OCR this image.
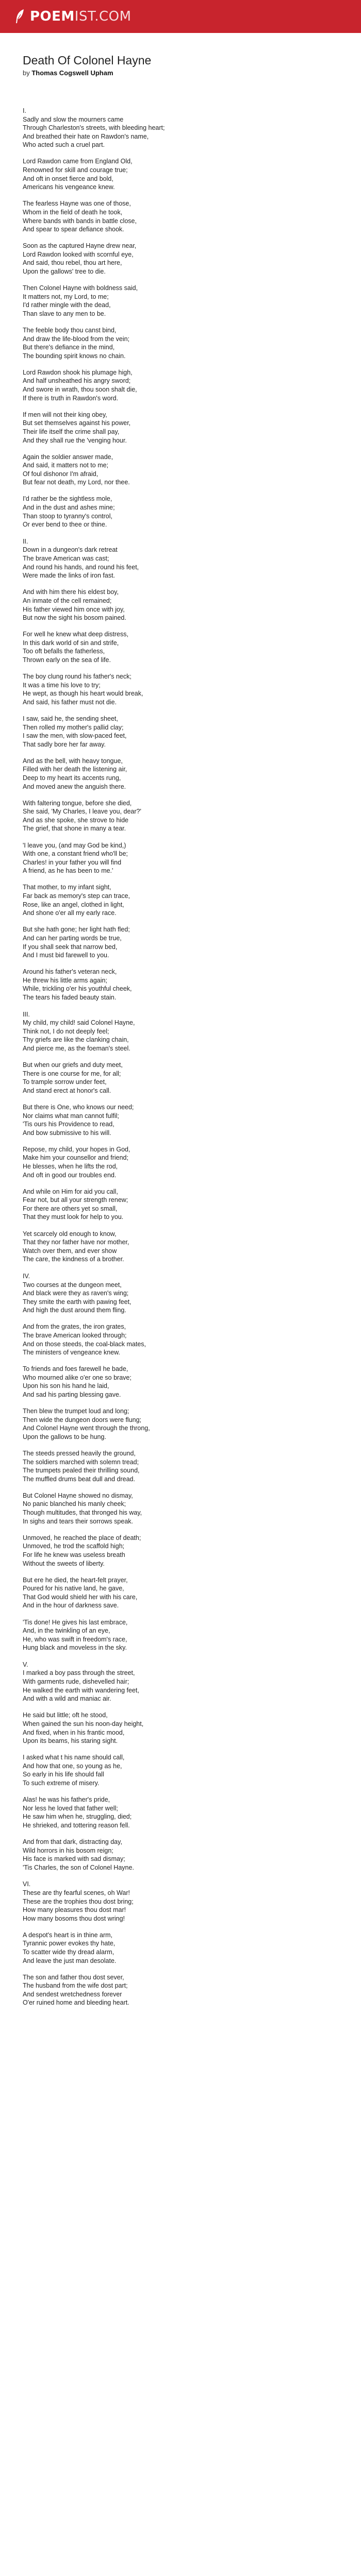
POEMIST.COM
Death Of Colonel Hayne
by Thomas Cogswell Upham
I.
Sadly and slow the mourners came
Through Charleston's streets, with bleeding heart;
And breathed their hate on Rawdon's name,
Who acted such a cruel part.
Lord Rawdon came from England Old,
Renowned for skill and courage true;
And oft in onset fierce and bold,
Americans his vengeance knew.
The fearless Hayne was one of those,
Whom in the field of death he took,
Where bands with bands in battle close,
And spear to spear defiance shook.
Soon as the captured Hayne drew near,
Lord Rawdon looked with scornful eye,
And said, thou rebel, thou art here,
Upon the gallows' tree to die.
Then Colonel Hayne with boldness said,
It matters not, my Lord, to me;
I'd rather mingle with the dead,
Than slave to any men to be.
The feeble body thou canst bind,
And draw the life-blood from the vein;
But there's defiance in the mind,
The bounding spirit knows no chain.
Lord Rawdon shook his plumage high,
And half unsheathed his angry sword;
And swore in wrath, thou soon shalt die,
If there is truth in Rawdon's word.
If men will not their king obey,
But set themselves against his power,
Their life itself the crime shall pay,
And they shall rue the 'venging hour.
Again the soldier answer made,
And said, it matters not to me;
Of foul dishonor I'm afraid,
But fear not death, my Lord, nor thee.
I'd rather be the sightless mole,
And in the dust and ashes mine;
Than stoop to tyranny's control,
Or ever bend to thee or thine.
II.
Down in a dungeon's dark retreat
The brave American was cast;
And round his hands, and round his feet,
Were made the links of iron fast.
And with him there his eldest boy,
An inmate of the cell remained;
His father viewed him once with joy,
But now the sight his bosom pained.
For well he knew what deep distress,
In this dark world of sin and strife,
Too oft befalls the fatherless,
Thrown early on the sea of life.
The boy clung round his father's neck;
It was a time his love to try;
He wept, as though his heart would break,
And said, his father must not die.
I saw, said he, the sending sheet,
Then rolled my mother's pallid clay;
I saw the men, with slow-paced feet,
That sadly bore her far away.
And as the bell, with heavy tongue,
Filled with her death the listening air,
Deep to my heart its accents rung,
And moved anew the anguish there.
With faltering tongue, before she died,
She said, 'My Charles, I leave you, dear?'
And as she spoke, she strove to hide
The grief, that shone in many a tear.
'I leave you, (and may God be kind,)
With one, a constant friend who'll be;
Charles! in your father you will find
A friend, as he has been to me.'
That mother, to my infant sight,
Far back as memory's step can trace,
Rose, like an angel, clothed in light,
And shone o'er all my early race.
But she hath gone; her light hath fled;
And can her parting words be true,
If you shall seek that narrow bed,
And I must bid farewell to you.
Around his father's veteran neck,
He threw his little arms again;
While, trickling o'er his youthful cheek,
The tears his faded beauty stain.
III.
My child, my child! said Colonel Hayne,
Think not, I do not deeply feel;
Thy griefs are like the clanking chain,
And pierce me, as the foeman's steel.
But when our griefs and duty meet,
There is one course for me, for all;
To trample sorrow under feet,
And stand erect at honor's call.
But there is One, who knows our need;
Nor claims what man cannot fulfil;
'Tis ours his Providence to read,
And bow submissive to his will.
Repose, my child, your hopes in God,
Make him your counsellor and friend;
He blesses, when he lifts the rod,
And oft in good our troubles end.
And while on Him for aid you call,
Fear not, but all your strength renew;
For there are others yet so small,
That they must look for help to you.
Yet scarcely old enough to know,
That they nor father have nor mother,
Watch over them, and ever show
The care, the kindness of a brother.
IV.
Two courses at the dungeon meet,
And black were they as raven's wing;
They smite the earth with pawing feet,
And high the dust around them fling.
And from the grates, the iron grates,
The brave American looked through;
And on those steeds, the coal-black mates,
The ministers of vengeance knew.
To friends and foes farewell he bade,
Who mourned alike o'er one so brave;
Upon his son his hand he laid,
And sad his parting blessing gave.
Then blew the trumpet loud and long;
Then wide the dungeon doors were flung;
And Colonel Hayne went through the throng,
Upon the gallows to be hung.
The steeds pressed heavily the ground,
The soldiers marched with solemn tread;
The trumpets pealed their thrilling sound,
The muffled drums beat dull and dread.
But Colonel Hayne showed no dismay,
No panic blanched his manly cheek;
Though multitudes, that thronged his way,
In sighs and tears their sorrows speak.
Unmoved, he reached the place of death;
Unmoved, he trod the scaffold high;
For life he knew was useless breath
Without the sweets of liberty.
But ere he died, the heart-felt prayer,
Poured for his native land, he gave,
That God would shield her with his care,
And in the hour of darkness save.
'Tis done! He gives his last embrace,
And, in the twinkling of an eye,
He, who was swift in freedom's race,
Hung black and moveless in the sky.
V.
I marked a boy pass through the street,
With garments rude, dishevelled hair;
He walked the earth with wandering feet,
And with a wild and maniac air.
He said but little; oft he stood,
When gained the sun his noon-day height,
And fixed, when in his frantic mood,
Upon its beams, his staring sight.
I asked what t his name should call,
And how that one, so young as he,
So early in his life should fall
To such extreme of misery.
Alas! he was his father's pride,
Nor less he loved that father well;
He saw him when he, struggling, died;
He shrieked, and tottering reason fell.
And from that dark, distracting day,
Wild horrors in his bosom reign;
His face is marked with sad dismay;
'Tis Charles, the son of Colonel Hayne.
VI.
These are thy fearful scenes, oh War!
These are the trophies thou dost bring;
How many pleasures thou dost mar!
How many bosoms thou dost wring!
A despot's heart is in thine arm,
Tyrannic power evokes thy hate,
To scatter wide thy dread alarm,
And leave the just man desolate.
The son and father thou dost sever,
The husband from the wife dost part;
And sendest wretchedness forever
O'er ruined home and bleeding heart.
